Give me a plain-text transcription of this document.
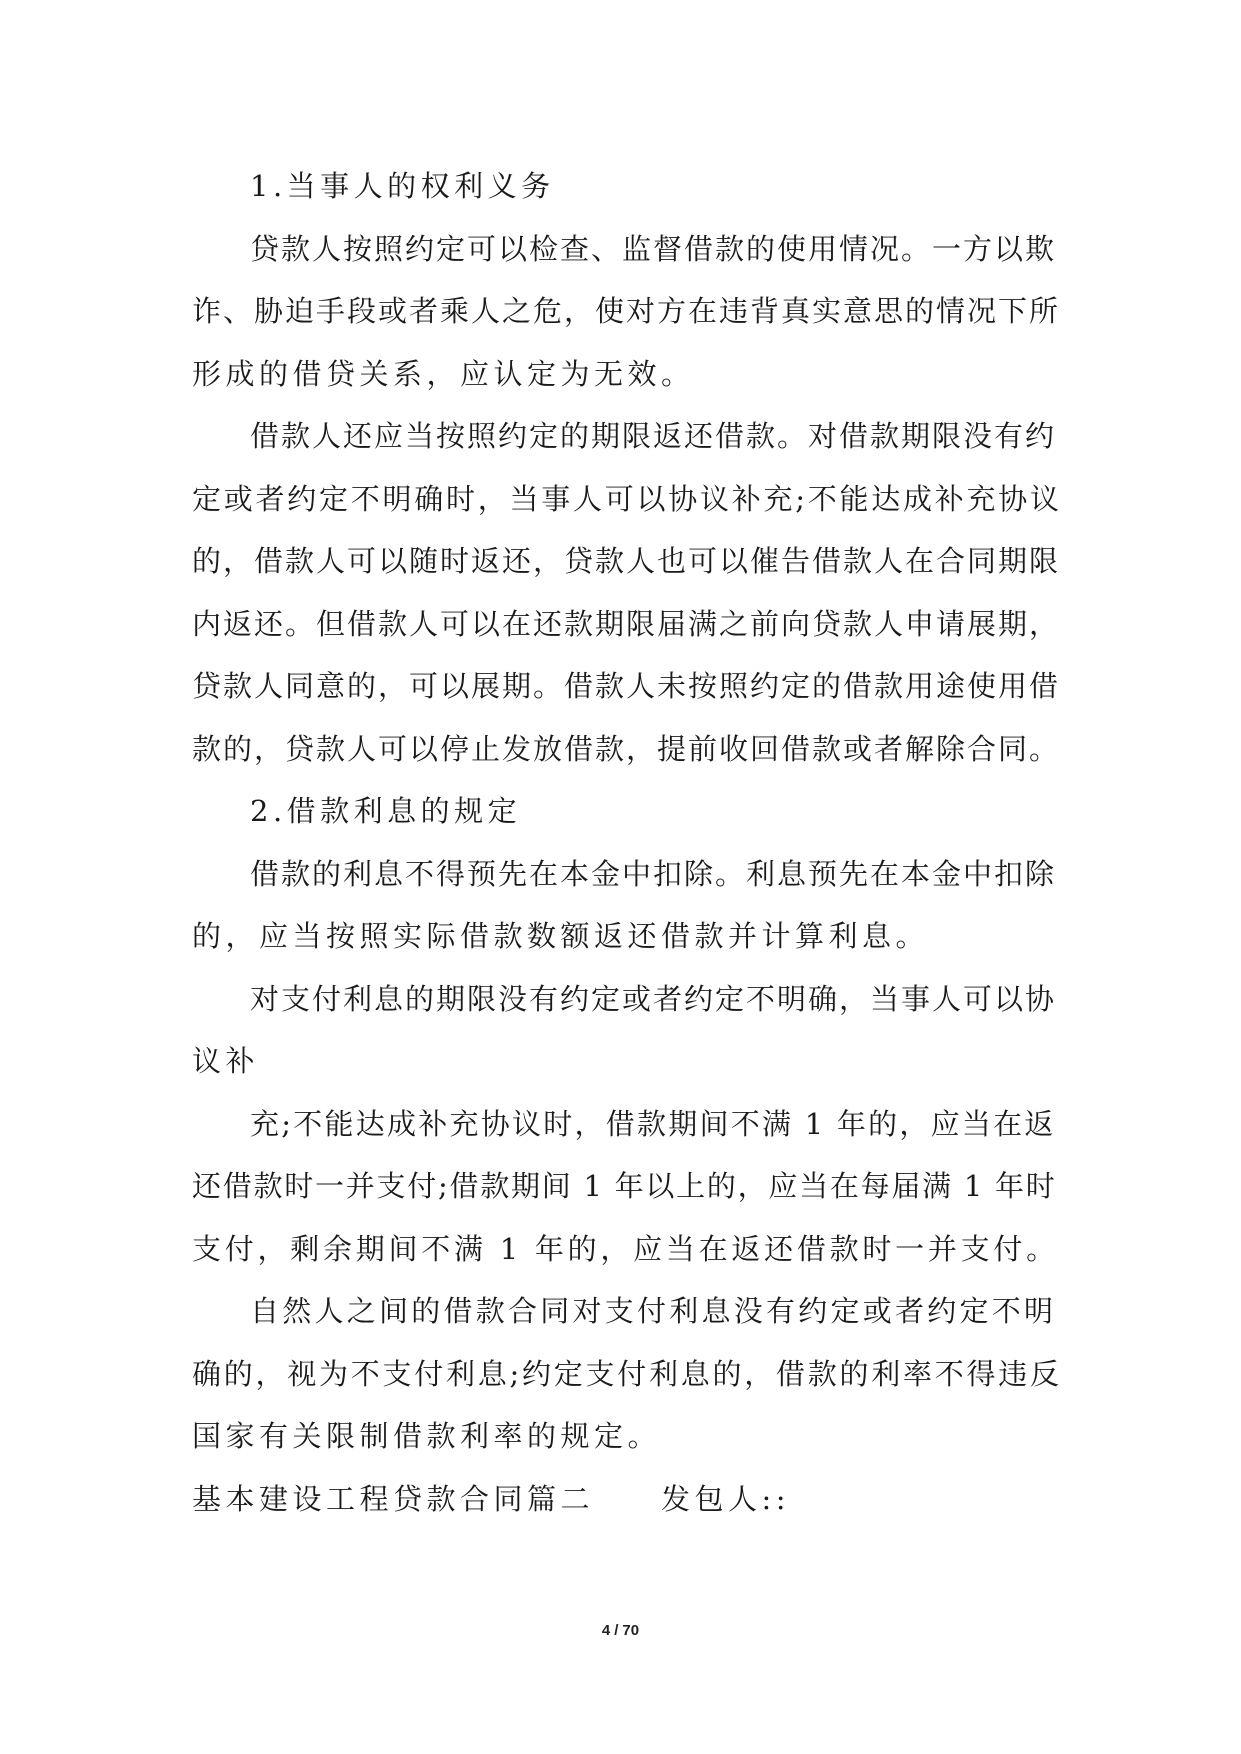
1.当事人的权利义务
贷款人按照约定可以检查、监督借款的使用情况。一方以欺
诈、胁迫手段或者乘人之危，使对方在违背真实意思的情况下所
形成的借贷关系，应认定为无效。
借款人还应当按照约定的期限返还借款。对借款期限没有约
定或者约定不明确时，当事人可以协议补充;不能达成补充协议
的，借款人可以随时返还，贷款人也可以催告借款人在合同期限
内返还。但借款人可以在还款期限届满之前向贷款人申请展期，
贷款人同意的，可以展期。借款人未按照约定的借款用途使用借
款的，贷款人可以停止发放借款，提前收回借款或者解除合同。
2.借款利息的规定
借款的利息不得预先在本金中扣除。利息预先在本金中扣除
的，应当按照实际借款数额返还借款并计算利息。
对支付利息的期限没有约定或者约定不明确，当事人可以协
议补
充;不能达成补充协议时，借款期间不满 1 年的，应当在返
还借款时一并支付;借款期间 1 年以上的，应当在每届满 1 年时
支付，剩余期间不满 1 年的，应当在返还借款时一并支付。
自然人之间的借款合同对支付利息没有约定或者约定不明
确的，视为不支付利息;约定支付利息的，借款的利率不得违反
国家有关限制借款利率的规定。
基本建设工程贷款合同篇二　　发包人::
4 / 70
